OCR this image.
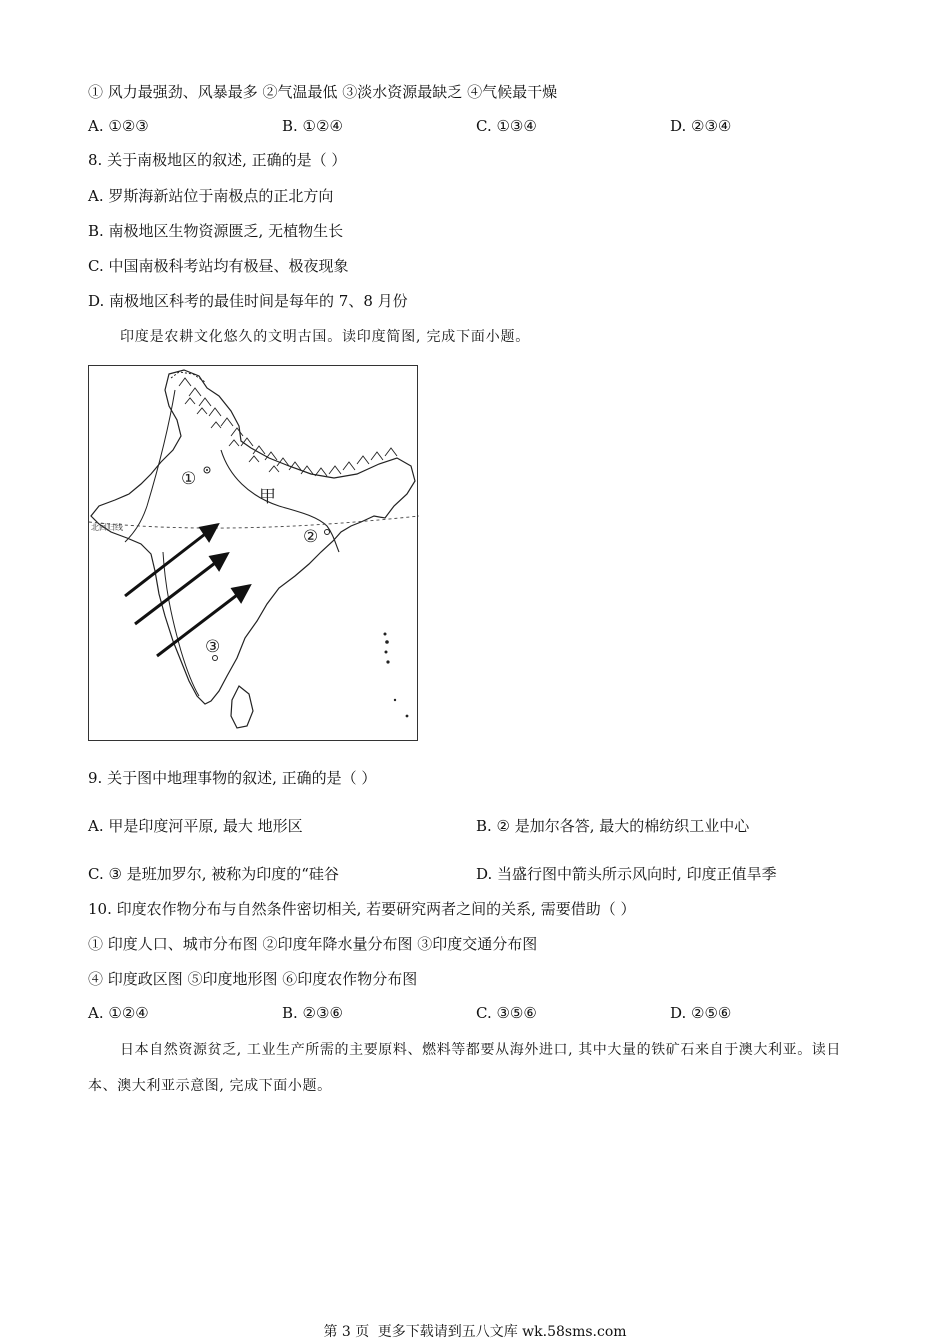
① 风力最强劲、风暴最多 ②气温最低 ③淡水资源最缺乏 ④气候最干燥
A. ①②③	B. ①②④	C. ①③④	D. ②③④
8. 关于南极地区的叙述, 正确的是（ ）
A. 罗斯海新站位于南极点的正北方向
B. 南极地区生物资源匮乏, 无植物生长
C. 中国南极科考站均有极昼、极夜现象
D. 南极地区科考的最佳时间是每年的 7、8 月份
印度是农耕文化悠久的文明古国。读印度简图, 完成下面小题。
北回归线
①
②
③
甲
9. 关于图中地理事物的叙述, 正确的是（ ）
A. 甲是印度河平原, 最大 地形区	B. ② 是加尔各答, 最大的棉纺织工业中心
C. ③ 是班加罗尔, 被称为印度的“硅谷	D. 当盛行图中箭头所示风向时, 印度正值旱季
10. 印度农作物分布与自然条件密切相关, 若要研究两者之间的关系, 需要借助（ ）
① 印度人口、城市分布图 ②印度年降水量分布图 ③印度交通分布图
④ 印度政区图 ⑤印度地形图 ⑥印度农作物分布图
A. ①②④	B. ②③⑥	C. ③⑤⑥	D. ②⑤⑥
日本自然资源贫乏, 工业生产所需的主要原料、燃料等都要从海外进口, 其中大量的铁矿石来自于澳大利亚。读日本、澳大利亚示意图, 完成下面小题。
第 3 页 更多下载请到五八文库 wk.58sms.com
